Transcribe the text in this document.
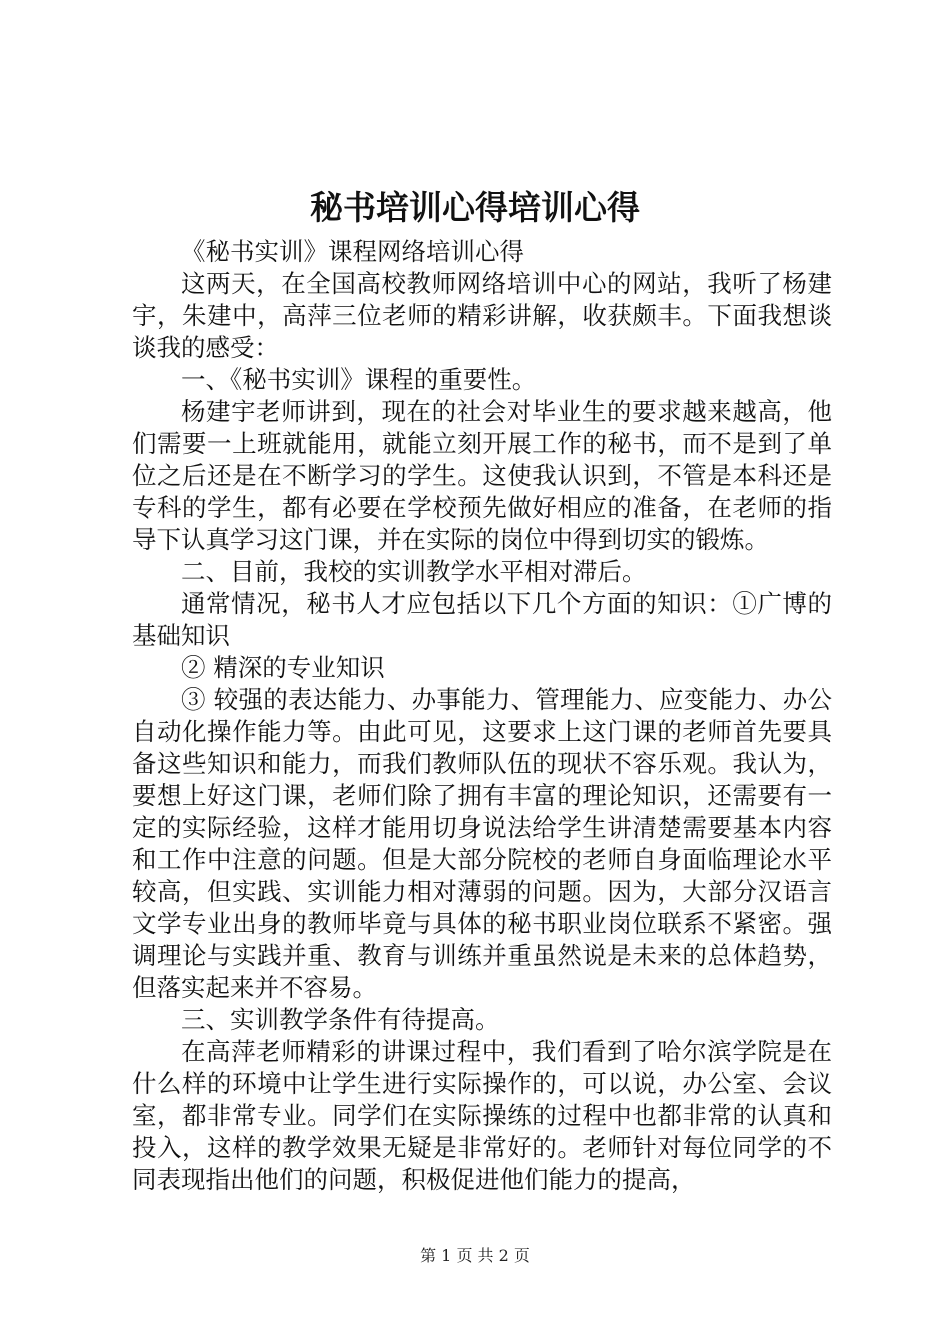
秘书培训心得培训心得

《秘书实训》课程网络培训心得

这两天，在全国高校教师网络培训中心的网站，我听了杨建宇，朱建中，高萍三位老师的精彩讲解，收获颇丰。下面我想谈谈我的感受：

一、《秘书实训》课程的重要性。

杨建宇老师讲到，现在的社会对毕业生的要求越来越高，他们需要一上班就能用，就能立刻开展工作的秘书，而不是到了单位之后还是在不断学习的学生。这使我认识到，不管是本科还是专科的学生，都有必要在学校预先做好相应的准备，在老师的指导下认真学习这门课，并在实际的岗位中得到切实的锻炼。

二、目前，我校的实训教学水平相对滞后。

通常情况，秘书人才应包括以下几个方面的知识：①广博的基础知识

② 精深的专业知识

③ 较强的表达能力、办事能力、管理能力、应变能力、办公自动化操作能力等。由此可见，这要求上这门课的老师首先要具备这些知识和能力，而我们教师队伍的现状不容乐观。我认为，要想上好这门课，老师们除了拥有丰富的理论知识，还需要有一定的实际经验，这样才能用切身说法给学生讲清楚需要基本内容和工作中注意的问题。但是大部分院校的老师自身面临理论水平较高，但实践、实训能力相对薄弱的问题。因为，大部分汉语言文学专业出身的教师毕竟与具体的秘书职业岗位联系不紧密。强调理论与实践并重、教育与训练并重虽然说是未来的总体趋势，但落实起来并不容易。

三、实训教学条件有待提高。

在高萍老师精彩的讲课过程中，我们看到了哈尔滨学院是在什么样的环境中让学生进行实际操作的，可以说，办公室、会议室，都非常专业。同学们在实际操练的过程中也都非常的认真和投入，这样的教学效果无疑是非常好的。老师针对每位同学的不同表现指出他们的问题，积极促进他们能力的提高，

第 1 页 共 2 页
